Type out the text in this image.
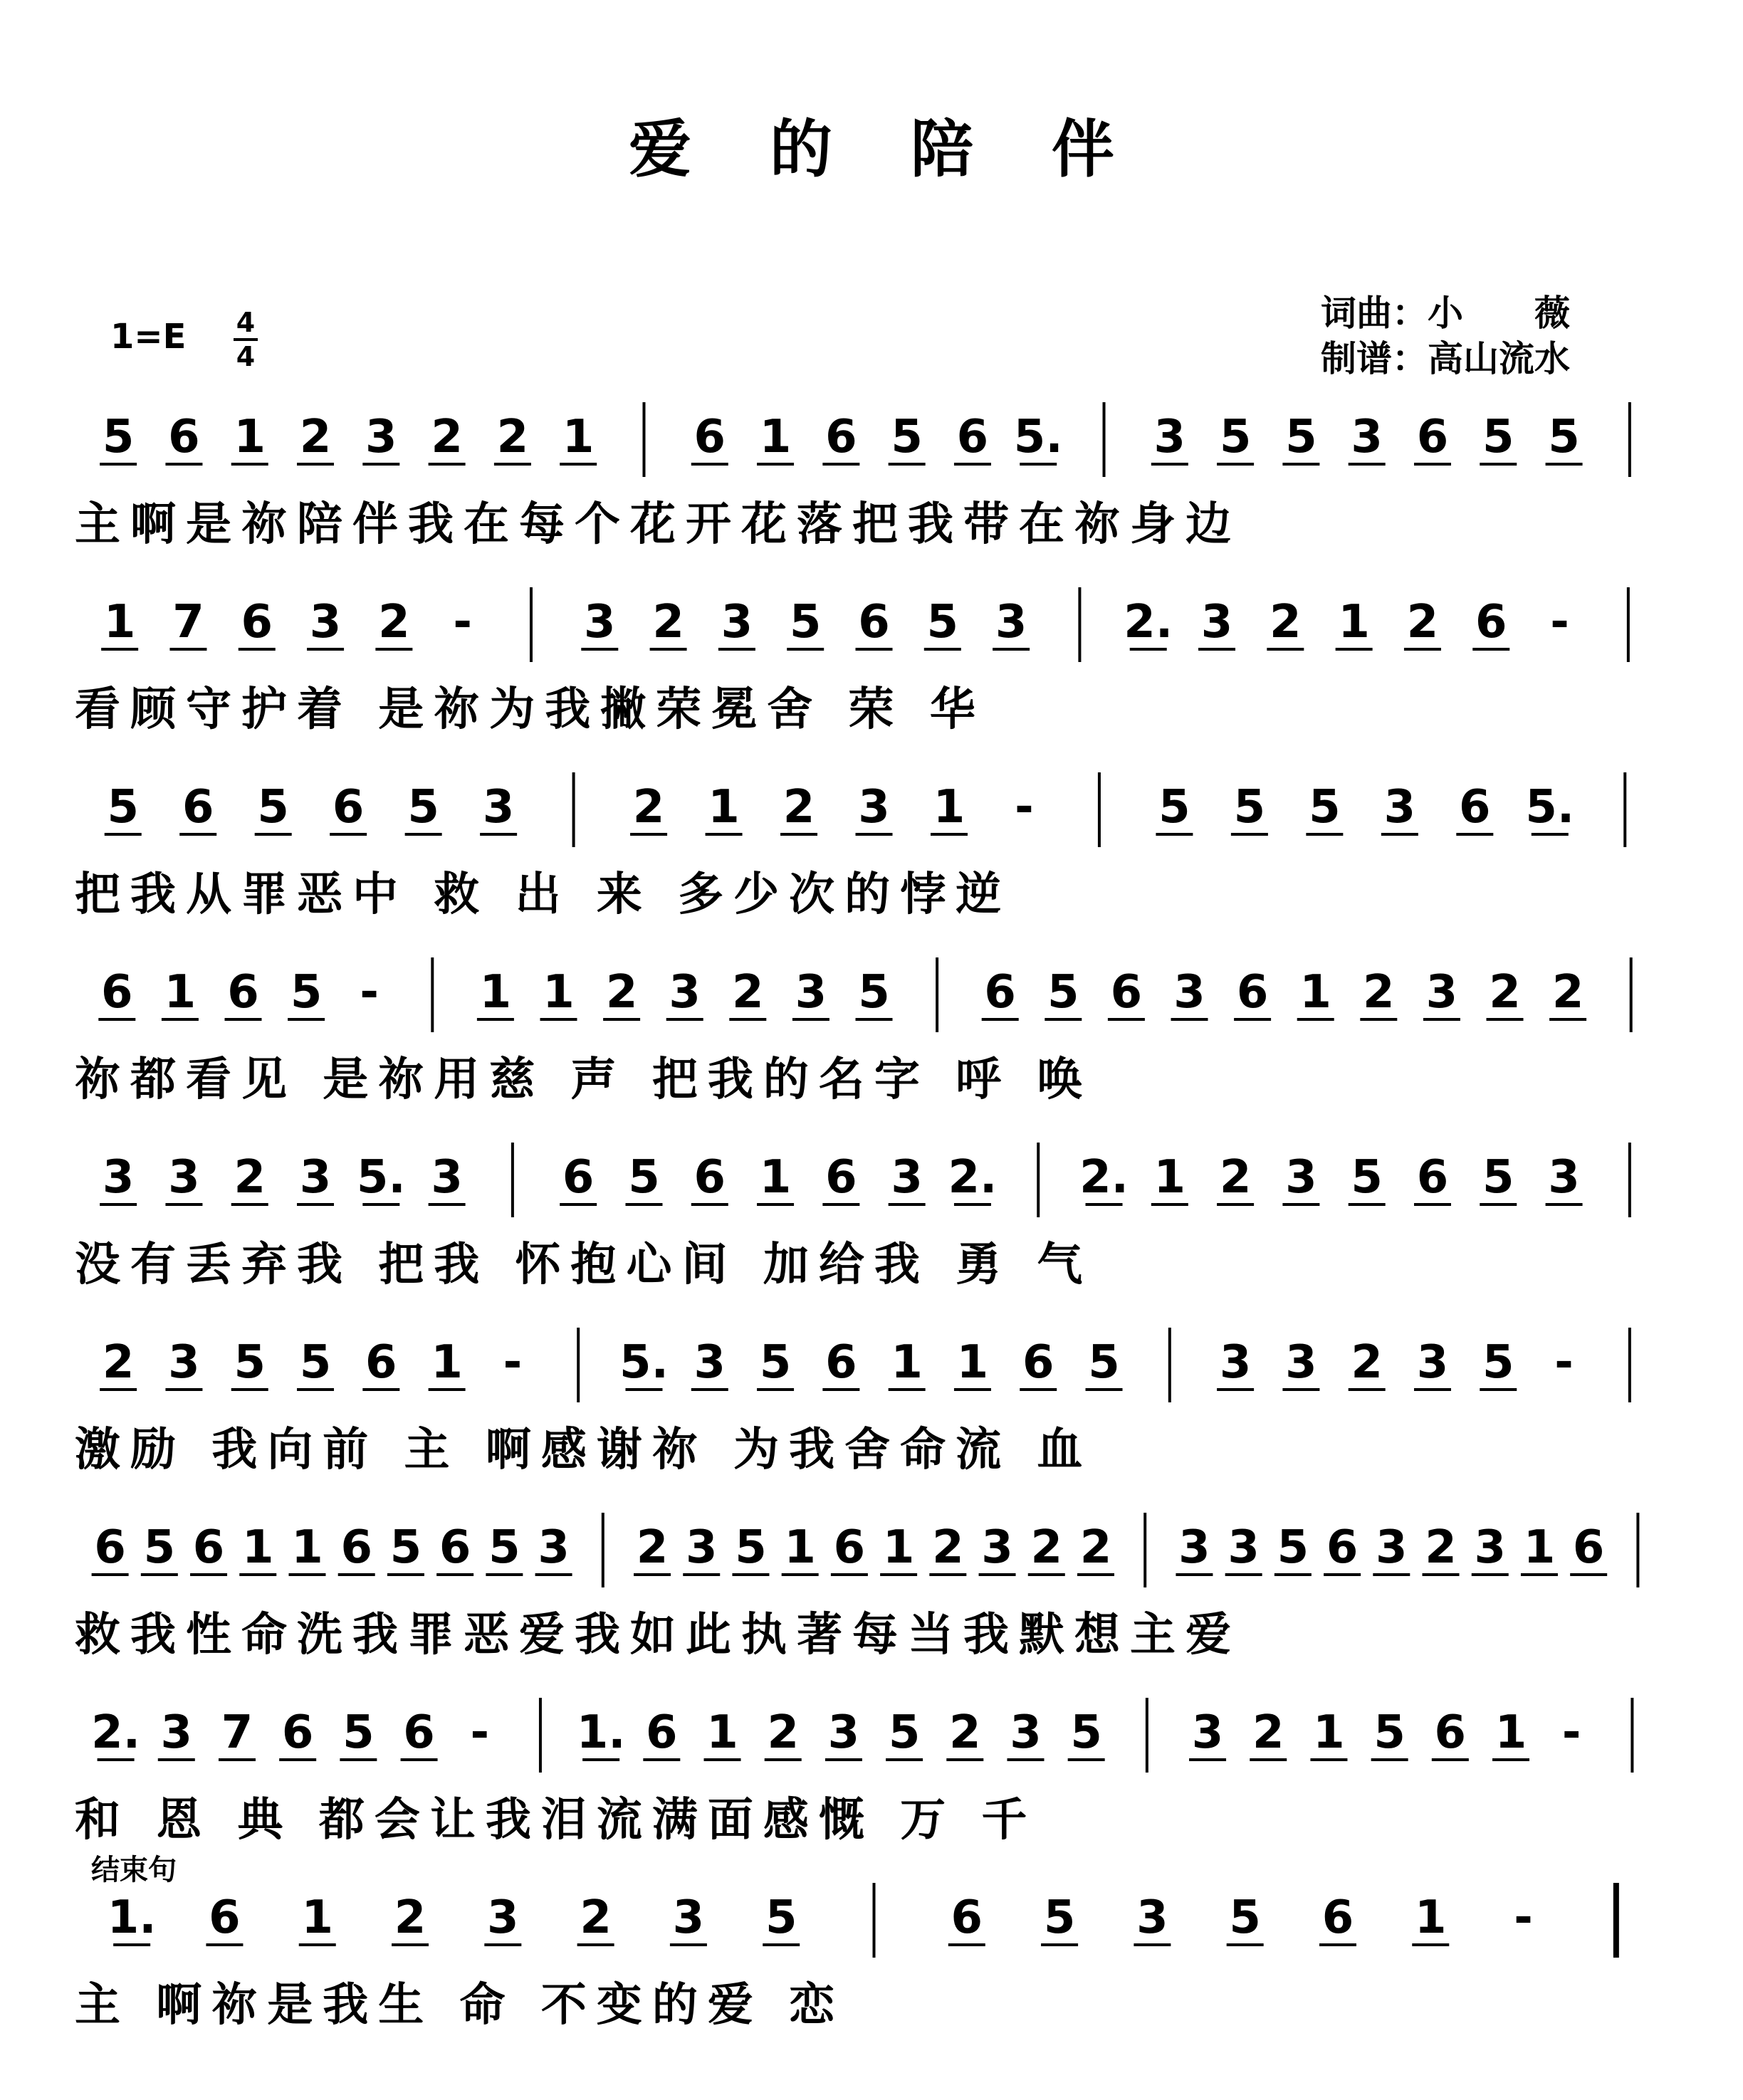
爱的陪伴
1=E 4
4
词曲：小　　薇
制谱：高山流水
结束句
5 6 1 2 3 2 2 1 6 1 6 5 6 5. 3 5 5 3 6 5 5
主啊是祢陪伴我在每个花开花落把我带在祢身边
1 7 6 3 2 - 3 2 3 5 6 5 3 2. 3 2 1 2 6 -
看顾守护着 是祢为我撇荣冕舍 荣 华
5 6 5 6 5 3	2 1 2 3 1 -	5 5 5 3 6 5.
把我从罪恶中 救 出 来 多少次的悖逆
6 1 6 5 - 1 1 2 3 2 3 5 6 5 6 3 6 1 2 3 2 2
祢都看见 是祢用慈 声 把我的名字 呼 唤
3 3 2 3 5. 3 6 5 6 1 6 3 2. 2. 1 2 3 5 6 5 3
没有丢弃我 把我 怀抱心间 加给我 勇 气
2 3 5 5 6 1 - 5. 3 5 6 1 1 6 5 3 3 2 3 5 -
激励 我向前 主 啊感谢祢 为我舍命流 血
6 5 6 1 1 6 5 6 5 3 2 3 5 1 6 1 2 3 2 2 3 3 5 6 3 2 3 1 6
救我性命洗我罪恶爱我如此执著每当我默想主爱
2. 3 7 6 5 6 - 1. 6 1 2 3 5 2 3 5 3 2 1 5 6 1 -
和 恩 典 都会让我泪流满面感慨 万 千
1. 6 1 2 3 2 3 5	6 5 3 5 6 1 -
主 啊祢是我生 命 不变的爱 恋
